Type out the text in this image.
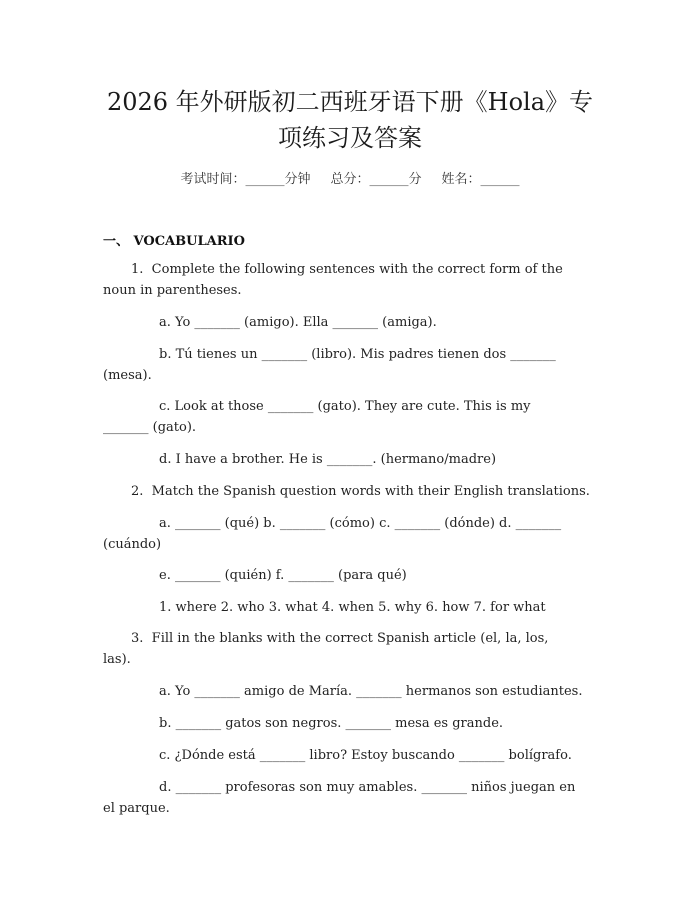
2026 年外研版初二西班牙语下册《Hola》专
项练习及答案
考试时间：______分钟 总分：______分 姓名：______
一、 VOCABULARIO
1.  Complete the following sentences with the correct form of the
noun in parentheses.
a. Yo _______ (amigo). Ella _______ (amiga).
b. Tú tienes un _______ (libro). Mis padres tienen dos _______
(mesa).
c. Look at those _______ (gato). They are cute. This is my
_______ (gato).
d. I have a brother. He is _______. (hermano/madre)
2.  Match the Spanish question words with their English translations.
a. _______ (qué) b. _______ (cómo) c. _______ (dónde) d. _______
(cuándo)
e. _______ (quién) f. _______ (para qué)
1. where 2. who 3. what 4. when 5. why 6. how 7. for what
3.  Fill in the blanks with the correct Spanish article (el, la, los,
las).
a. Yo _______ amigo de María. _______ hermanos son estudiantes.
b. _______ gatos son negros. _______ mesa es grande.
c. ¿Dónde está _______ libro? Estoy buscando _______ bolígrafo.
d. _______ profesoras son muy amables. _______ niños juegan en
el parque.
